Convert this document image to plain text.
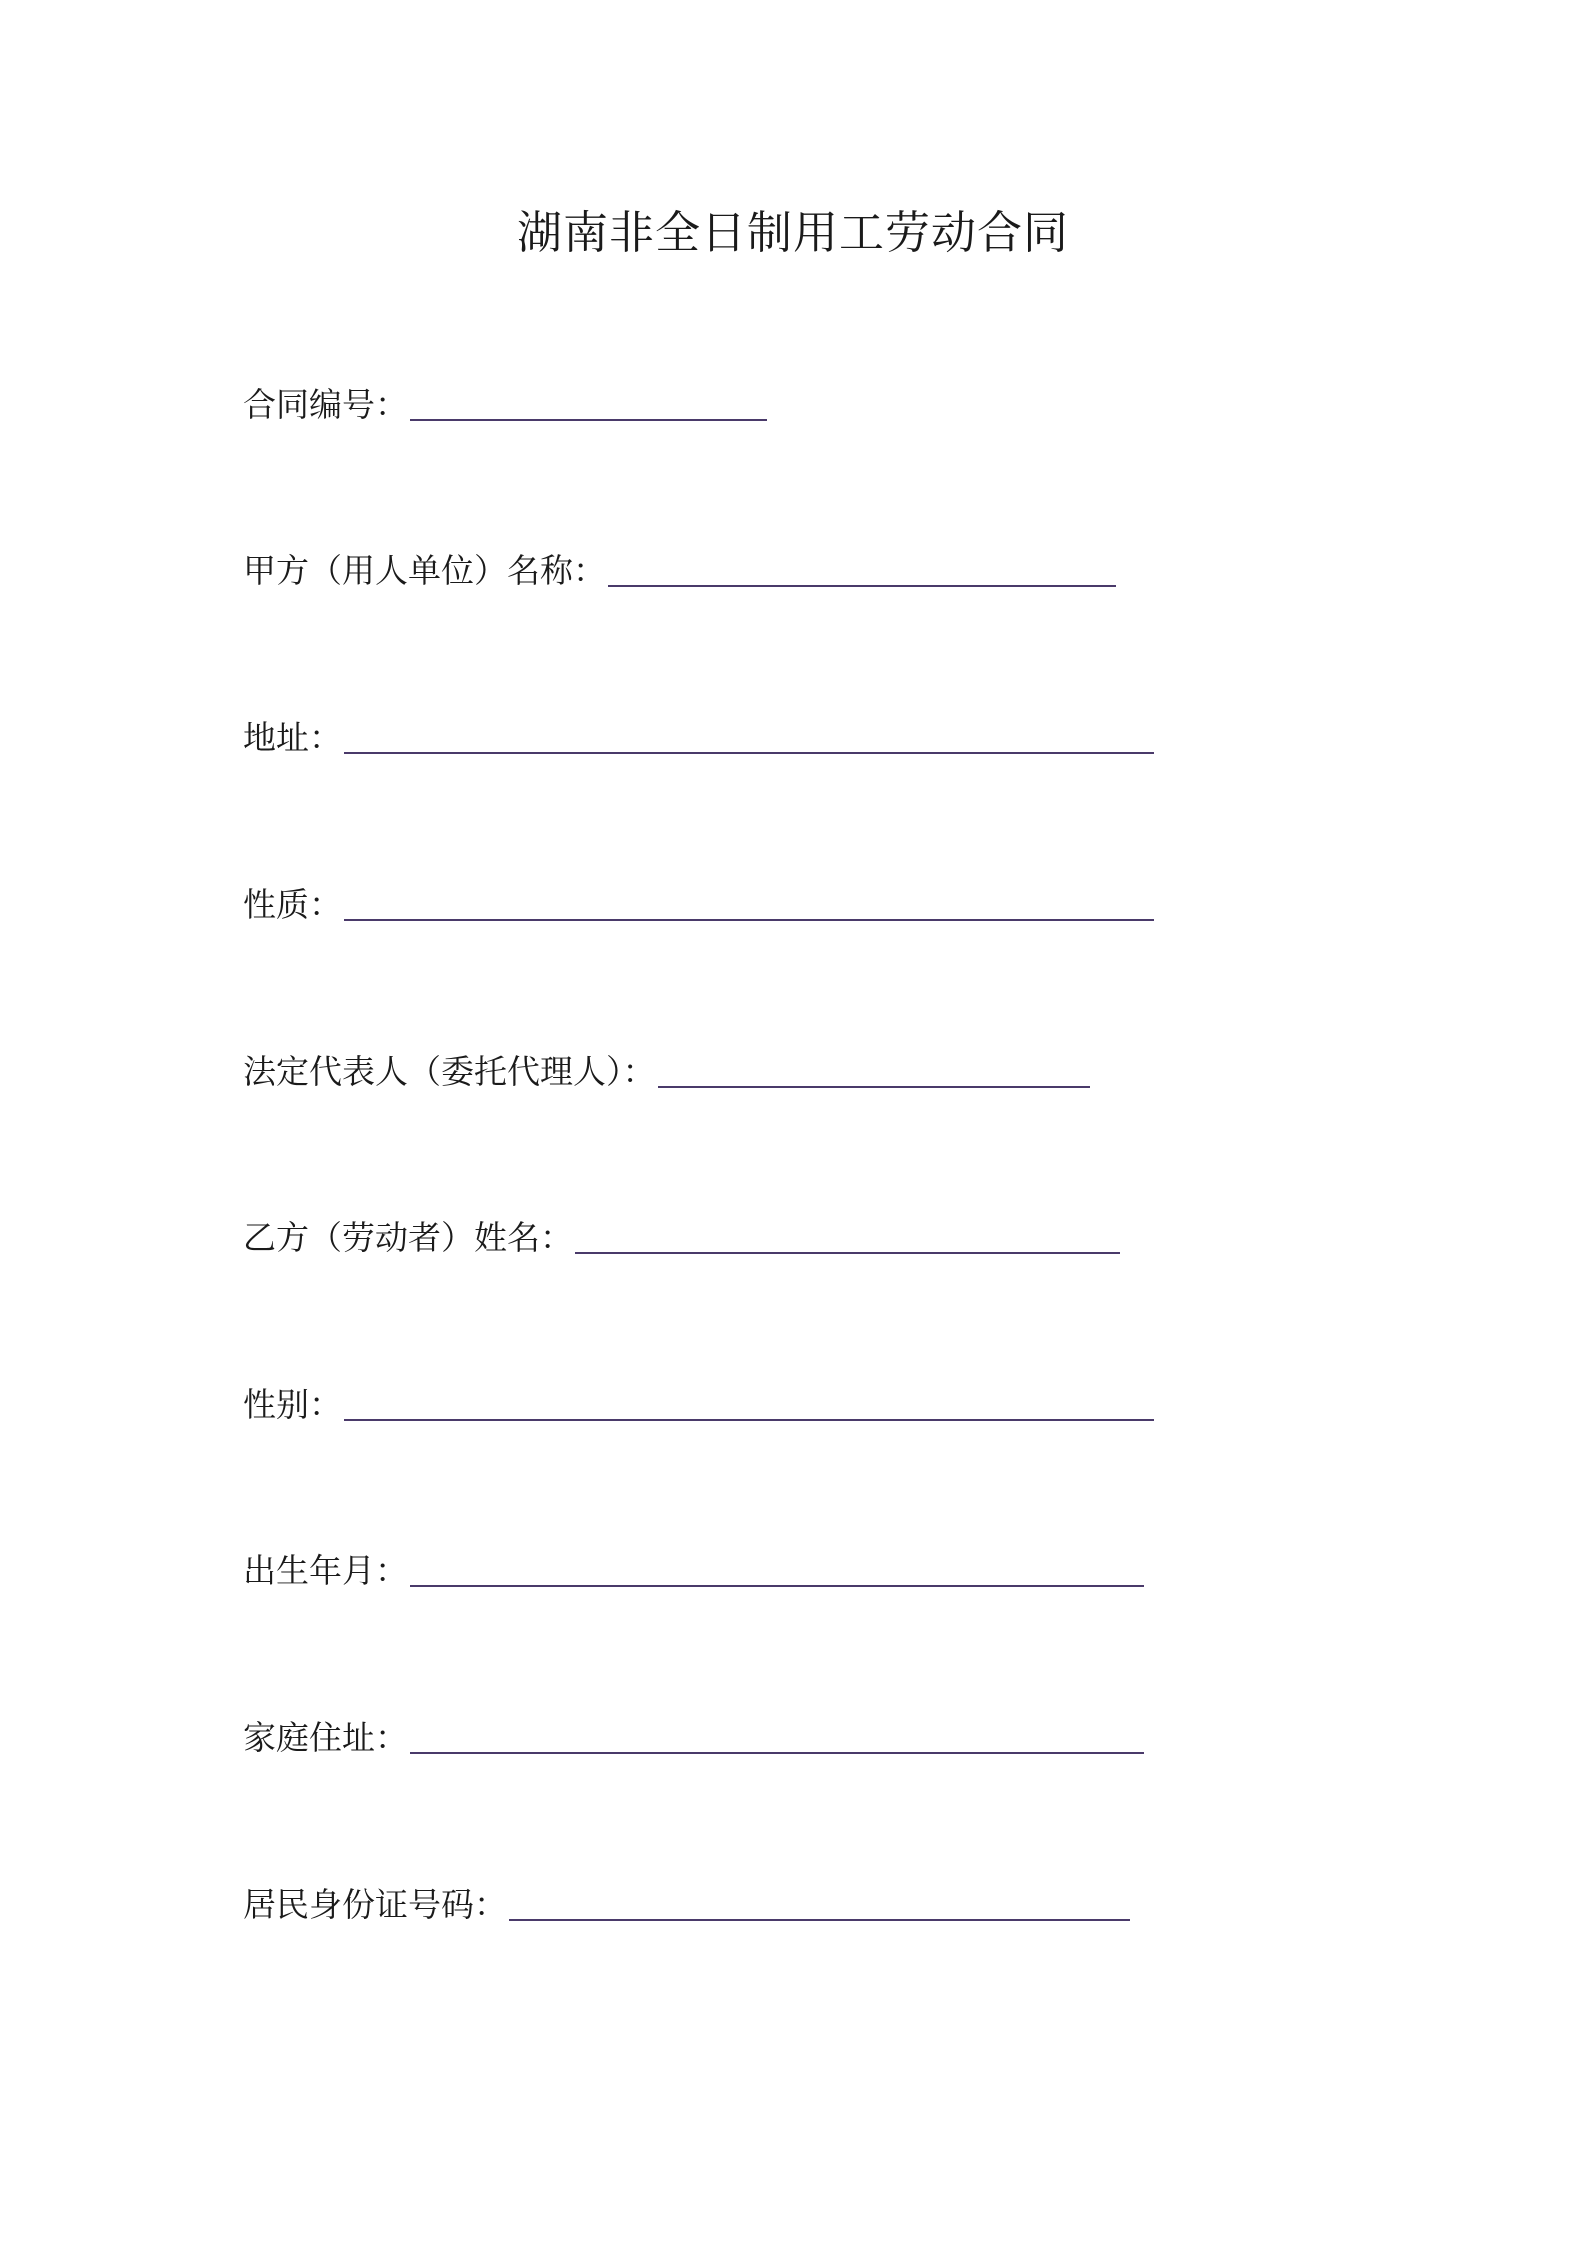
湖南非全日制用工劳动合同
合同编号：
甲方（用人单位）名称：
地址：
性质：
法定代表人（委托代理人）：
乙方（劳动者）姓名：
性别：
出生年月：
家庭住址：
居民身份证号码：
